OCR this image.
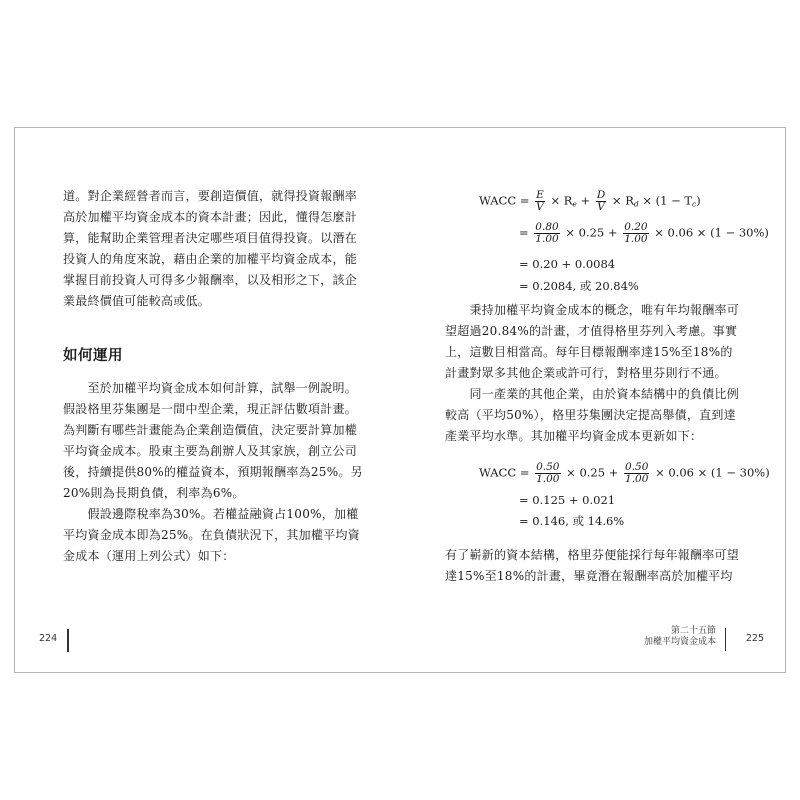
道。對企業經營者而言，要創造價值，就得投資報酬率
高於加權平均資金成本的資本計畫；因此，懂得怎麼計
算，能幫助企業管理者決定哪些項目值得投資。以潛在
投資人的角度來說，藉由企業的加權平均資金成本，能
掌握目前投資人可得多少報酬率，以及相形之下，該企
業最終價值可能較高或低。
如何運用
　　至於加權平均資金成本如何計算，試舉一例說明。
假設格里芬集團是一間中型企業，現正評估數項計畫。
為判斷有哪些計畫能為企業創造價值，決定要計算加權
平均資金成本。股東主要為創辦人及其家族，創立公司
後，持續提供80%的權益資本，預期報酬率為25%。另
20%則為長期負債，利率為6%。
　　假設邊際稅率為30%。若權益融資占100%，加權
平均資金成本即為25%。在負債狀況下，其加權平均資
金成本（運用上列公式）如下：
224
WACC = $\frac{E}{V} \times R_e + \frac{D}{V} \times R_d \times (1 - T_c)$
= $\frac{0.80}{1.00} \times 0.25 + \frac{0.20}{1.00} \times 0.06 \times (1 - 30\%)$
= 0.20 + 0.0084
= 0.2084, 或 20.84%
　　秉持加權平均資金成本的概念，唯有年均報酬率可
望超過20.84%的計畫，才值得格里芬列入考慮。事實
上，這數目相當高。每年目標報酬率達15%至18%的
計畫對眾多其他企業或許可行，對格里芬則行不通。
　　同一產業的其他企業，由於資本結構中的負債比例
較高（平均50%），格里芬集團決定提高舉債，直到達
產業平均水準。其加權平均資金成本更新如下：
WACC = $\frac{0.50}{1.00} \times 0.25 + \frac{0.50}{1.00} \times 0.06 \times (1 - 30\%)$
= 0.125 + 0.021
= 0.146, 或 14.6%
有了嶄新的資本結構，格里芬便能採行每年報酬率可望
達15%至18%的計畫，畢竟潛在報酬率高於加權平均
第二十五節
加權平均資金成本	225
